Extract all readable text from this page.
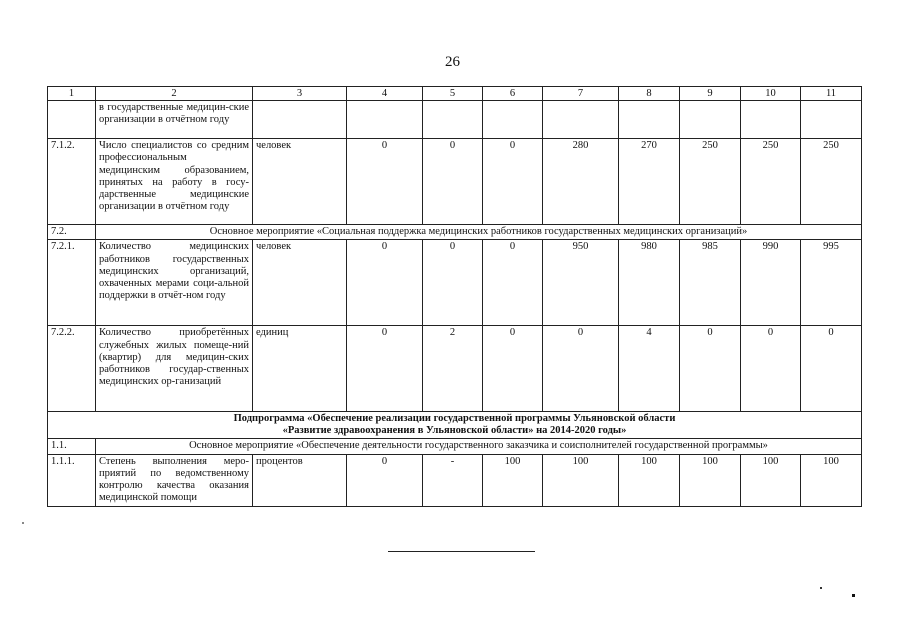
26
1	2	3	4	5	6	7	8	9	10	11
	в государственные медицин-ские организации в отчётном году									
7.1.2.	Число специалистов со средним профессиональным медицинским образованием, принятых на работу в госу-дарственные медицинские организации в отчётном году	человек	0	0	0	280	270	250	250	250
7.2.	Основное мероприятие «Социальная поддержка медицинских работников государственных медицинских организаций»									
7.2.1.	Количество медицинских работников государственных медицинских организаций, охваченных мерами соци-альной поддержки в отчёт-ном году	человек	0	0	0	950	980	985	990	995
7.2.2.	Количество приобретённых служебных жилых помеще-ний (квартир) для медицин-ских работников государ-ственных медицинских ор-ганизаций	единиц	0	2	0	0	4	0	0	0

Подпрограмма «Обеспечение реализации государственной программы Ульяновской области
«Развитие здравоохранения в Ульяновской области» на 2014-2020 годы»										

1.1.	Основное мероприятие «Обеспечение деятельности государственного заказчика и соисполнителей государственной программы»									
1.1.1.	Степень выполнения меро-приятий по ведомственному контролю качества оказания медицинской помощи	процентов	0	-	100	100	100	100	100	100
